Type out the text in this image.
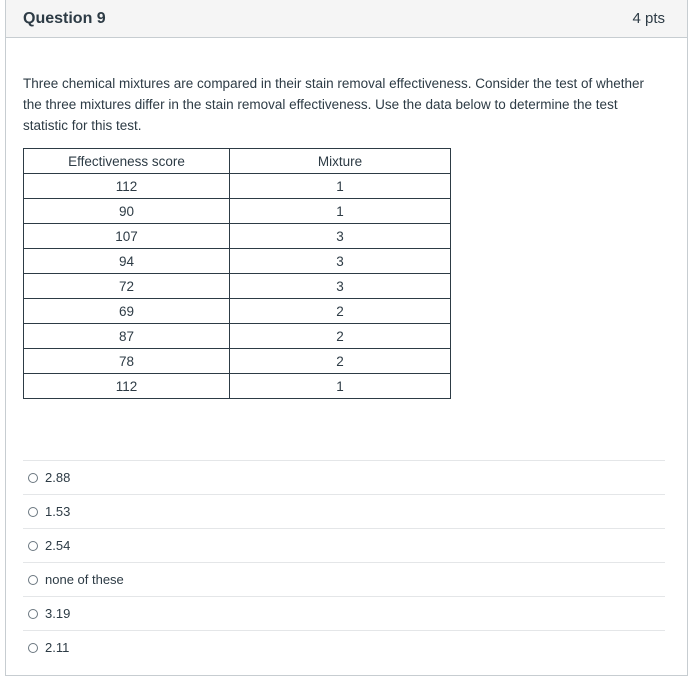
Question 9	4 pts
Three chemical mixtures are compared in their stain removal effectiveness. Consider the test of whether the three mixtures differ in the stain removal effectiveness. Use the data below to determine the test statistic for this test.
Effectiveness score	Mixture
112	1
90	1
107	3
94	3
72	3
69	2
87	2
78	2
112	1
2.88
1.53
2.54
none of these
3.19
2.11
